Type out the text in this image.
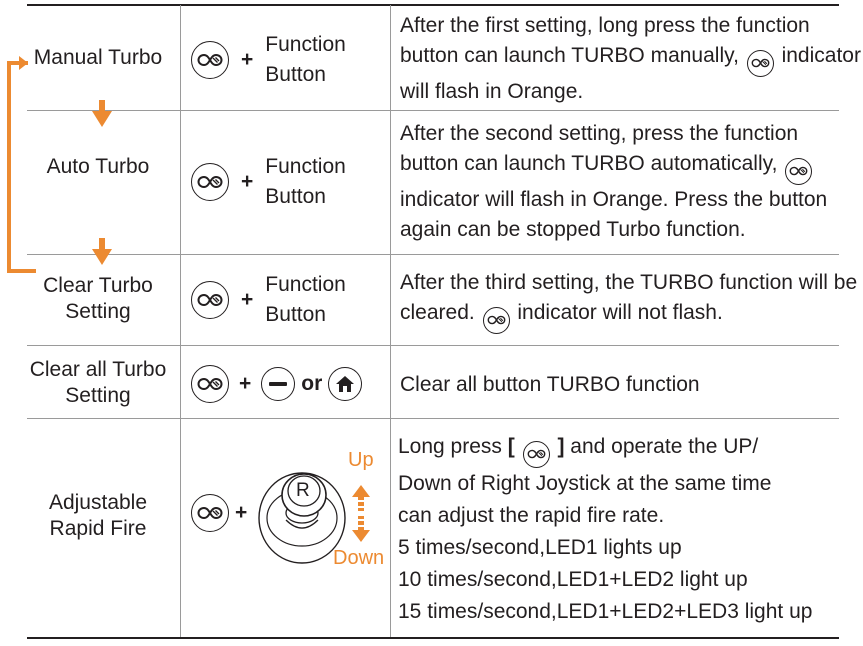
Manual Turbo	+
Function
Button
After the first setting, long press the function button can launch TURBO manually,
indicator will flash in Orange.
Auto Turbo
+
Function
Button
After the second setting, press the function button can launch TURBO automatically,
indicator will flash in Orange. Press the button again can be stopped Turbo function.
Clear Turbo
Setting
+
Function
Button
After the third setting, the TURBO function will be cleared.
indicator will not flash.
Clear all Turbo
Setting
+ or	Clear all button TURBO function
Adjustable
Rapid Fire
+
R
Up
Down
Long press [ ] and operate the UP/
Down of Right Joystick at the same time
can adjust the rapid fire rate.
5 times/second,LED1 lights up
10 times/second,LED1+LED2 light up
15 times/second,LED1+LED2+LED3 light up
